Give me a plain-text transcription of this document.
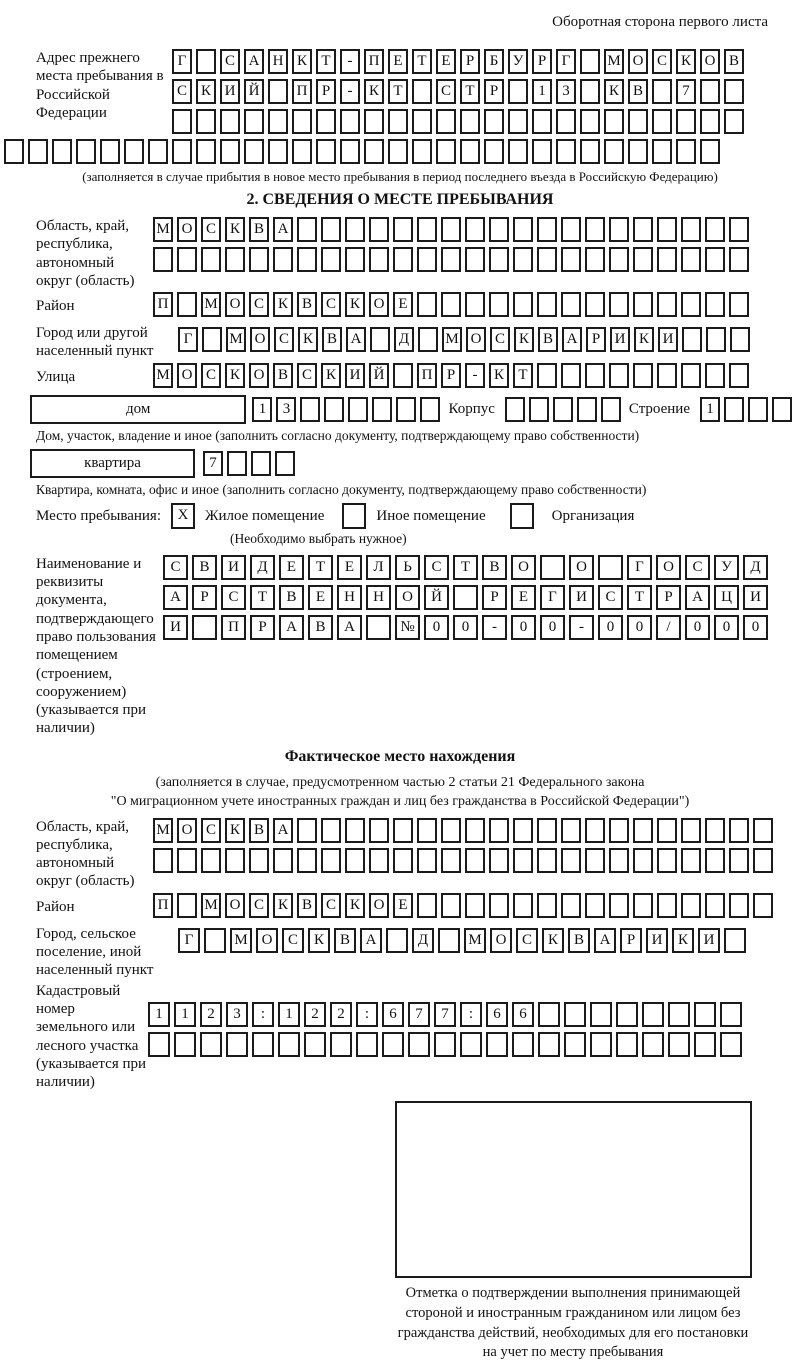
Оборотная сторона первого листа
Адрес прежнего места пребывания в Российской Федерации
Г	С А Н К Т	-	П Е Т Е	Р	Б У Р	Г	М О С К О В
С К И Й	П Р	-	К Т	С Т	Р	1	3	К В	7
(заполняется в случае прибытия в новое место пребывания в период последнего въезда в Российскую Федерацию)
2. СВЕДЕНИЯ О МЕСТЕ ПРЕБЫВАНИЯ
Область, край, республика, автономный округ (область)
М О С К В А
Район	П	М О С К В С К О Е
Город или другой населенный пункт
Г	М О С К В А	Д	М О С К В А Р И К И
Улица	М О С К О В С К И Й	П Р	-	К Т
дом	1	3	Корпус	Строение	1
Дом, участок, владение и иное (заполнить согласно документу, подтверждающему право собственности)
квартира	7
Квартира, комната, офис и иное (заполнить согласно документу, подтверждающему право собственности)
Место пребывания:	X	Жилое помещение	Иное помещение	Организация
(Необходимо выбрать нужное)
Наименование и реквизиты документа, подтверждающего право пользования помещением (строением, сооружением) (указывается при наличии)
С	В	И	Д	Е	Т	Е	Л	Ь	С	Т	В	О	О	Г	О	С	У	Д
А	Р	С	Т	В	Е	Н	Н	О	Й	Р	Е	Г	И	С	Т	Р	А	Ц	И
И	П	Р	А	В	А	№	0	0	-	0	0	-	0	0	/	0	0	0
Фактическое место нахождения
(заполняется в случае, предусмотренном частью 2 статьи 21 Федерального закона
"О миграционном учете иностранных граждан и лиц без гражданства в Российской Федерации")
Область, край, республика, автономный округ (область)
М О С К В А
Район	П	М О С К В С К О Е
Город, сельское поселение, иной населенный пункт
Г	М О	С	К	В	А	Д	М О	С	К	В	А	Р	И	К	И
Кадастровый номер земельного или лесного участка (указывается при наличии)
1	1	2	3	:	1	2	2	:	6	7	7	:	6	6
Отметка о подтверждении выполнения принимающей
стороной и иностранным гражданином или лицом без
гражданства действий, необходимых для его постановки
на учет по месту пребывания
